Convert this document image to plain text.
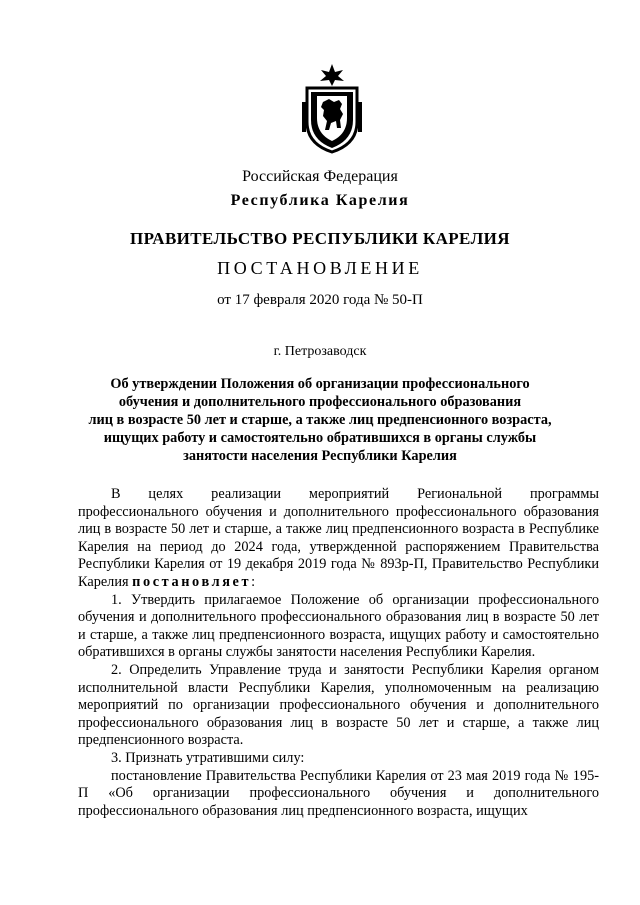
Российская Федерация
Республика Карелия
ПРАВИТЕЛЬСТВО РЕСПУБЛИКИ КАРЕЛИЯ
ПОСТАНОВЛЕНИЕ
от 17 февраля 2020 года № 50-П
г. Петрозаводск
Об утверждении Положения об организации профессионального
обучения и дополнительного профессионального образования
лиц в возрасте 50 лет и старше, а также лиц предпенсионного возраста,
ищущих работу и самостоятельно обратившихся в органы службы
занятости населения Республики Карелия

В целях реализации мероприятий Региональной программы профессионального обучения и дополнительного профессионального образования лиц в возрасте 50 лет и старше, а также лиц предпенсионного возраста в Республике Карелия на период до 2024 года, утвержденной распоряжением Правительства Республики Карелия от 19 декабря 2019 года № 893р-П, Правительство Республики Карелия постановляет:

1. Утвердить прилагаемое Положение об организации профессионального обучения и дополнительного профессионального образования лиц в возрасте 50 лет и старше, а также лиц предпенсионного возраста, ищущих работу и самостоятельно обратившихся в органы службы занятости населения Республики Карелия.

2. Определить Управление труда и занятости Республики Карелия органом исполнительной власти Республики Карелия, уполномоченным на реализацию мероприятий по организации профессионального обучения и дополнительного профессионального образования лиц в возрасте 50 лет и старше, а также лиц предпенсионного возраста.

3. Признать утратившими силу:

постановление Правительства Республики Карелия от 23 мая 2019 года № 195-П «Об организации профессионального обучения и дополнительного профессионального образования лиц предпенсионного возраста, ищущих
